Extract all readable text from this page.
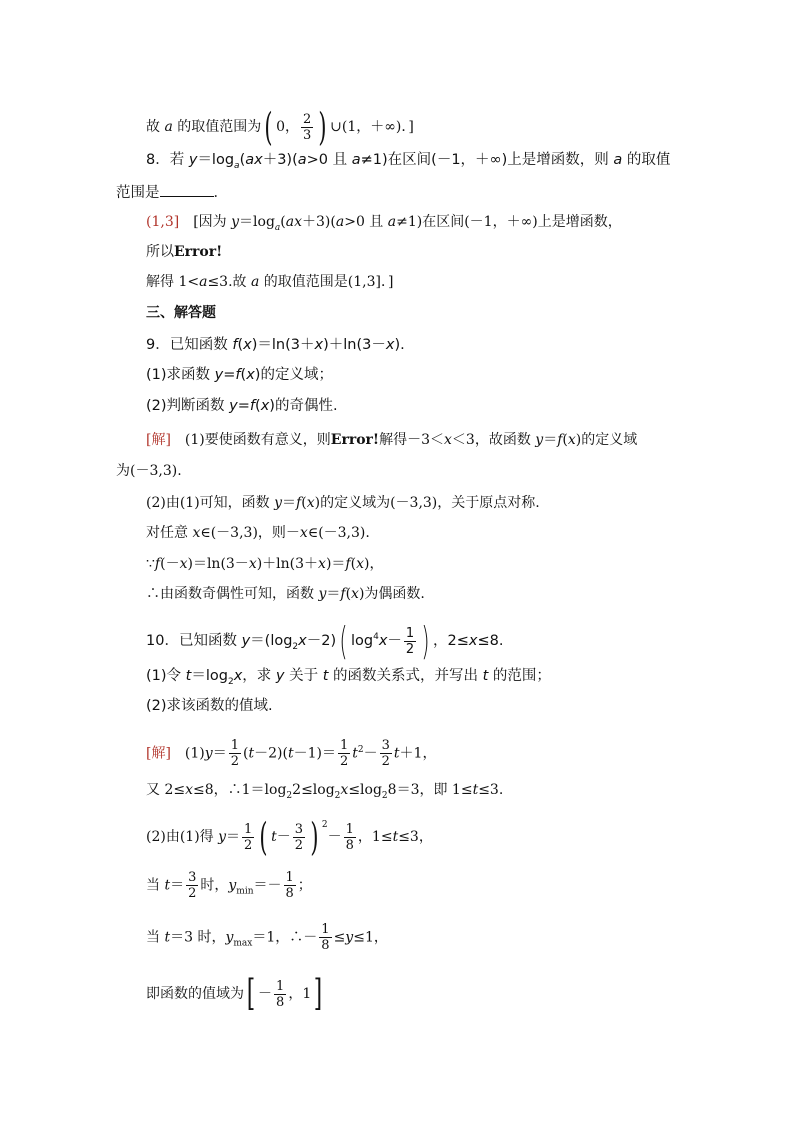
故 a 的取值范围为( 0， $\frac{2}{3}$ ) ∪(1，＋∞)．]
8．若 $y=\log_a(ax+3)(a>0$ 且 a≠1)在区间(－1，＋∞)上是增函数，则 a 的取值
范围是	．
(1,3]　[因为 $y=\log_a(ax+3)(a>0$ 且 a≠1)在区间(－1，＋∞)上是增函数，
所以Error!
解得 1<a≤3.故 a 的取值范围是(1,3]．]
三、解答题
9．已知函数 f(x)＝ln(3＋x)＋ln(3－x).
(1)求函数 y=f(x)的定义域；
(2)判断函数 y=f(x)的奇偶性.
[解]　(1)要使函数有意义，则Error!解得－3＜x＜3，故函数 y＝f(x)的定义域
为(－3,3).
(2)由(1)可知，函数 y＝f(x)的定义域为(－3,3)，关于原点对称.
对任意 x∈(－3,3)，则－x∈(－3,3).
∵f(－x)＝ln(3－x)＋ln(3＋x)＝f(x)，
∴由函数奇偶性可知，函数 y＝f(x)为偶函数.
10．已知函数 $y=(\log_2x-2)$( $\log^4x- \frac{1}{2}$ ) ，2≤x≤8.
(1)令 $t=\log_2x$，求 y 关于 t 的函数关系式，并写出 t 的范围；
(2)求该函数的值域.
[解]　$(1)y= \frac{1}{2} (t-2)(t-1)= \frac{1}{2} t^2- \frac{3}{2} t+1$，
又 2≤x≤8，$\therefore 1=\log_22\le\log_2x\le\log_28=3$，即 1≤t≤3.
(2)由(1)得 $y= \frac{1}{2}$ ( $t- \frac{3}{2}$ ) $^2- \frac{1}{8}$ ，1≤t≤3，
当 $t= \frac{3}{2}$ 时，$y_{min}=- \frac{1}{8}$ ；
当 t＝3 时，$y_{max}=1$，∴－ $\frac{1}{8} \le y\le 1$，
即函数的值域为[ － $\frac{1}{8}$ ，1]
